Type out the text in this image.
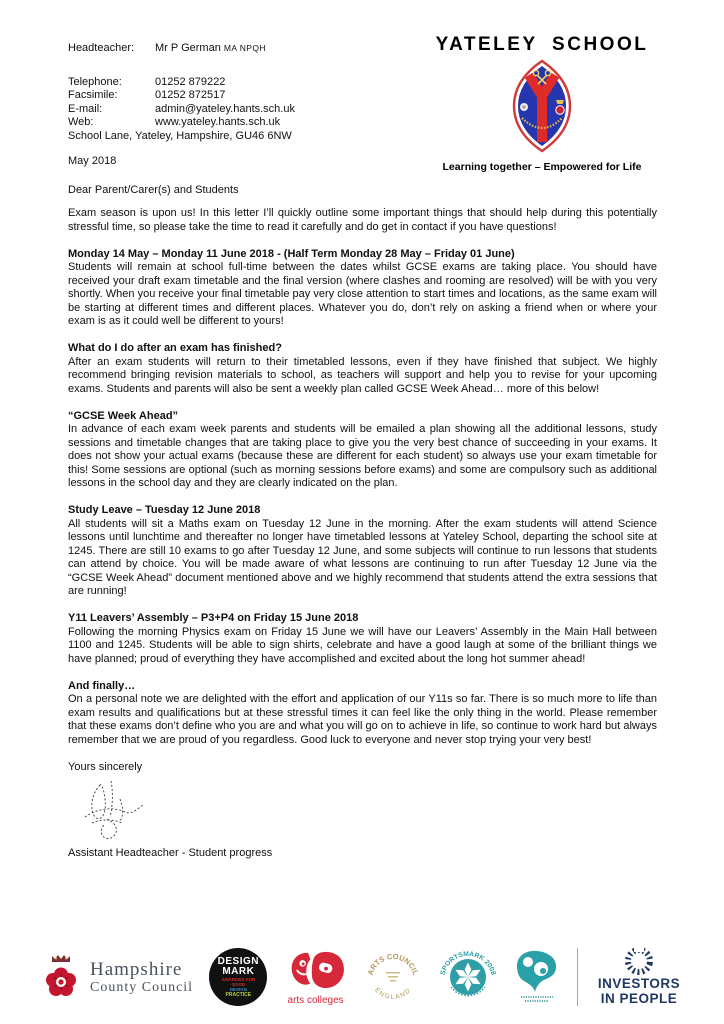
YATELEY SCHOOL
Learning together – Empowered for Life
Headteacher:	Mr P German MA NPQH
Telephone:	01252 879222
Facsimile:	01252 872517
E-mail:	admin@yateley.hants.sch.uk
Web:	www.yateley.hants.sch.uk
School Lane, Yateley, Hampshire, GU46 6NW
May 2018
Dear Parent/Carer(s) and Students
Exam season is upon us! In this letter I’ll quickly outline some important things that should help during this potentially stressful time, so please take the time to read it carefully and do get in contact if you have questions!
Monday 14 May – Monday 11 June 2018 - (Half Term Monday 28 May – Friday 01 June)
Students will remain at school full-time between the dates whilst GCSE exams are taking place. You should have received your draft exam timetable and the final version (where clashes and rooming are resolved) will be with you very shortly. When you receive your final timetable pay very close attention to start times and locations, as the same exam will be starting at different times and different places. Whatever you do, don’t rely on asking a friend when or where your exam is as it could well be different to yours!
What do I do after an exam has finished?
After an exam students will return to their timetabled lessons, even if they have finished that subject. We highly recommend bringing revision materials to school, as teachers will support and help you to revise for your upcoming exams. Students and parents will also be sent a weekly plan called GCSE Week Ahead… more of this below!
“GCSE Week Ahead”
In advance of each exam week parents and students will be emailed a plan showing all the additional lessons, study sessions and timetable changes that are taking place to give you the very best chance of succeeding in your exams. It does not show your actual exams (because these are different for each student) so always use your exam timetable for this! Some sessions are optional (such as morning sessions before exams) and some are compulsory such as additional lessons in the school day and they are clearly indicated on the plan.
Study Leave – Tuesday 12 June 2018
All students will sit a Maths exam on Tuesday 12 June in the morning. After the exam students will attend Science lessons until lunchtime and thereafter no longer have timetabled lessons at Yateley School, departing the school site at 1245. There are still 10 exams to go after Tuesday 12 June, and some subjects will continue to run lessons that students can attend by choice. You will be made aware of what lessons are continuing to run after Tuesday 12 June via the “GCSE Week Ahead” document mentioned above and we highly recommend that students attend the extra sessions that are running!
Y11 Leavers’ Assembly – P3+P4 on Friday 15 June 2018
Following the morning Physics exam on Friday 15 June we will have our Leavers’ Assembly in the Main Hall between 1100 and 1245. Students will be able to sign shirts, celebrate and have a good laugh at some of the brilliant things we have planned; proud of everything they have accomplished and excited about the long hot summer ahead!
And finally…
On a personal note we are delighted with the effort and application of our Y11s so far. There is so much more to life than exam results and qualifications but at these stressful times it can feel like the only thing in the world. Please remember that these exams don’t define who you are and what you will go on to achieve in life, so continue to work hard but always remember that we are proud of you regardless. Good luck to everyone and never stop trying your very best!
Yours sincerely
Assistant Headteacher - Student progress
Hampshire
County Council
DESIGN
MARK
AWARDED FOR
GOOD
DESIGN
PRACTICE
arts colleges
ARTS COUNCIL
ENGLAND
SPORTSMARK 2008
INVESTORS
IN PEOPLE
